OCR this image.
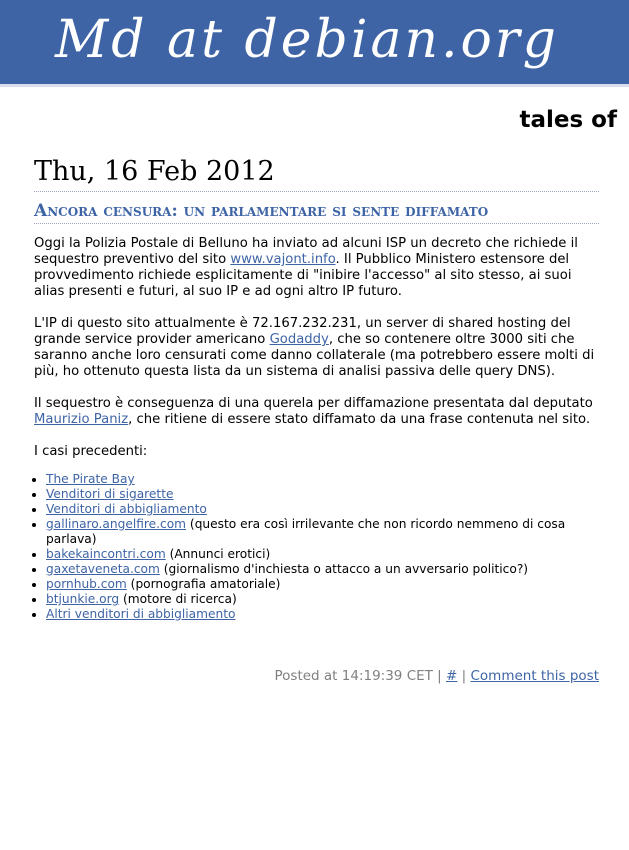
Md at debian.org
tales of
Thu, 16 Feb 2012
Ancora censura: un parlamentare si sente diffamato

Oggi la Polizia Postale di Belluno ha inviato ad alcuni ISP un decreto che richiede il sequestro preventivo del sito www.vajont.info. Il Pubblico Ministero estensore del provvedimento richiede esplicitamente di "inibire l'accesso" al sito stesso, ai suoi alias presenti e futuri, al suo IP e ad ogni altro IP futuro.

L'IP di questo sito attualmente è 72.167.232.231, un server di shared hosting del grande service provider americano Godaddy, che so contenere oltre 3000 siti che saranno anche loro censurati come danno collaterale (ma potrebbero essere molti di più, ho ottenuto questa lista da un sistema di analisi passiva delle query DNS).

Il sequestro è conseguenza di una querela per diffamazione presentata dal deputato Maurizio Paniz, che ritiene di essere stato diffamato da una frase contenuta nel sito.

I casi precedenti:

• The Pirate Bay
• Venditori di sigarette
• Venditori di abbigliamento
• gallinaro.angelfire.com (questo era così irrilevante che non ricordo nemmeno di cosa parlava)
• bakekaincontri.com (Annunci erotici)
• gaxetaveneta.com (giornalismo d'inchiesta o attacco a un avversario politico?)
• pornhub.com (pornografia amatoriale)
• btjunkie.org (motore di ricerca)
• Altri venditori di abbigliamento
Posted at 14:19:39 CET | # | Comment this post
